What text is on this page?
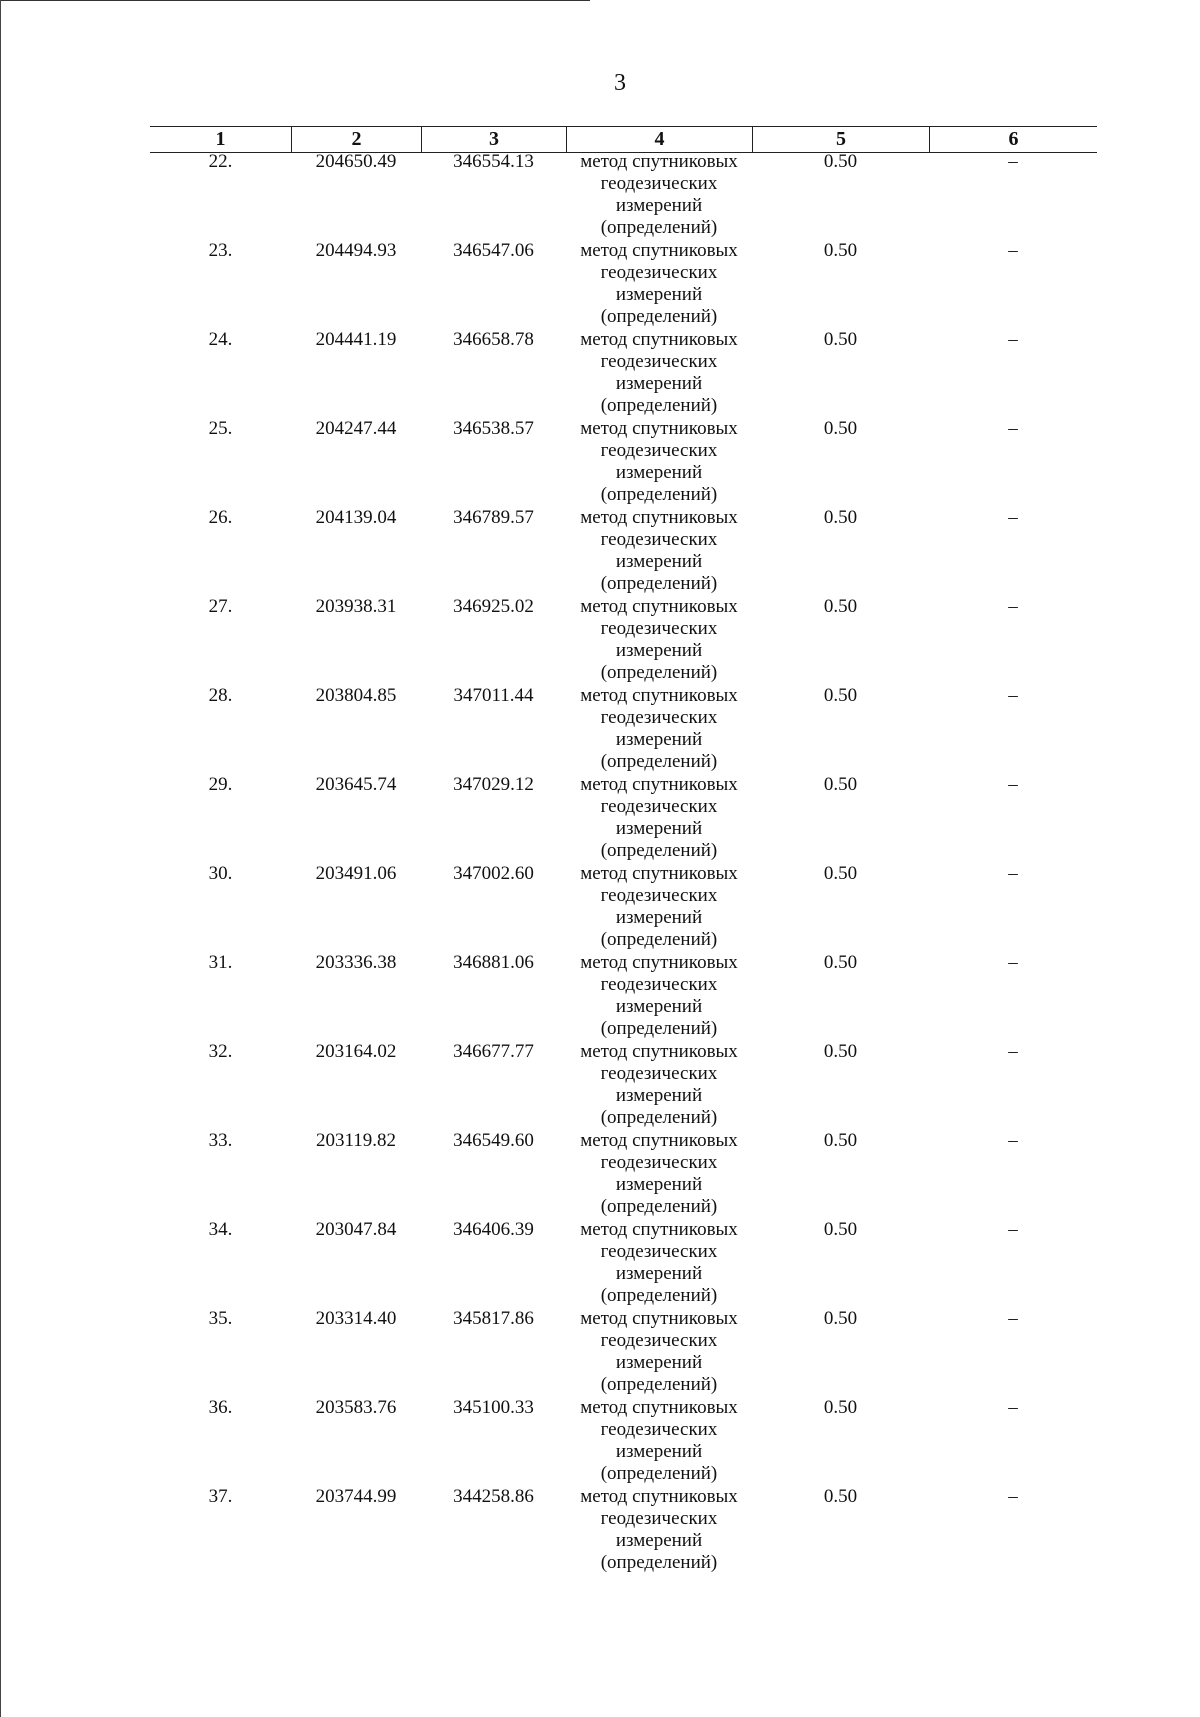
3
1	2	3	4	5	6
22.	204650.49	346554.13	метод спутниковых
геодезических
измерений
(определений)
0.50	–
23.	204494.93	346547.06	метод спутниковых
геодезических
измерений
(определений)
0.50	–
24.	204441.19	346658.78	метод спутниковых
геодезических
измерений
(определений)
0.50	–
25.	204247.44	346538.57	метод спутниковых
геодезических
измерений
(определений)
0.50	–
26.	204139.04	346789.57	метод спутниковых
геодезических
измерений
(определений)
0.50	–
27.	203938.31	346925.02	метод спутниковых
геодезических
измерений
(определений)
0.50	–
28.	203804.85	347011.44	метод спутниковых
геодезических
измерений
(определений)
0.50	–
29.	203645.74	347029.12	метод спутниковых
геодезических
измерений
(определений)
0.50	–
30.	203491.06	347002.60	метод спутниковых
геодезических
измерений
(определений)
0.50	–
31.	203336.38	346881.06	метод спутниковых
геодезических
измерений
(определений)
0.50	–
32.	203164.02	346677.77	метод спутниковых
геодезических
измерений
(определений)
0.50	–
33.	203119.82	346549.60	метод спутниковых
геодезических
измерений
(определений)
0.50	–
34.	203047.84	346406.39	метод спутниковых
геодезических
измерений
(определений)
0.50	–
35.	203314.40	345817.86	метод спутниковых
геодезических
измерений
(определений)
0.50	–
36.	203583.76	345100.33	метод спутниковых
геодезических
измерений
(определений)
0.50	–
37.	203744.99	344258.86	метод спутниковых
геодезических
измерений
(определений)
0.50	–
